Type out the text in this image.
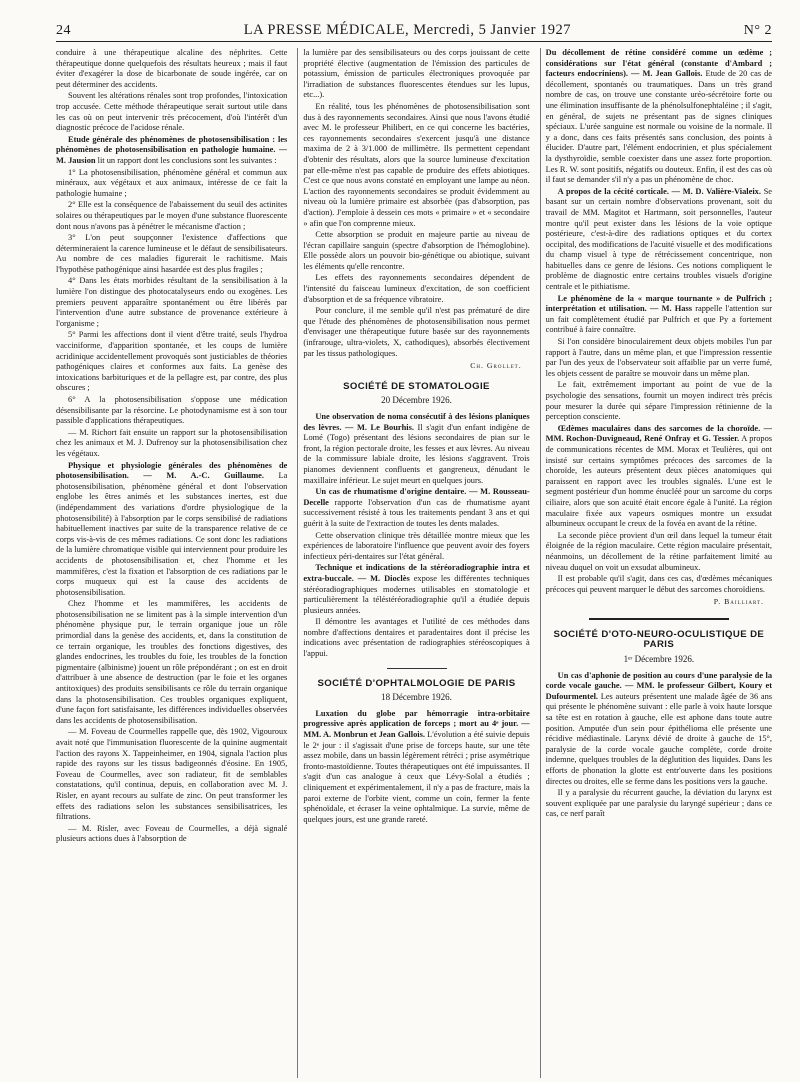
24	LA PRESSE MÉDICALE, Mercredi, 5 Janvier 1927	N° 2

conduire à une thérapeutique alcaline des néphrites. Cette thérapeutique donne quelquefois des résultats heureux ; mais il faut éviter d'exagérer la dose de bicarbonate de soude ingérée, car on peut déterminer des accidents.

Souvent les altérations rénales sont trop profondes, l'intoxication trop accusée. Cette méthode thérapeutique serait surtout utile dans les cas où on peut intervenir très précocement, d'où l'intérêt d'un diagnostic précoce de l'acidose rénale.

Etude générale des phénomènes de photosensibilisation : les phénomènes de photosensibilisation en pathologie humaine. — M. Jausion lit un rapport dont les conclusions sont les suivantes :

1° La photosensibilisation, phénomène général et commun aux minéraux, aux végétaux et aux animaux, intéresse de ce fait la pathologie humaine ;

2° Elle est la conséquence de l'abaissement du seuil des actinites solaires ou thérapeutiques par le moyen d'une substance fluorescente dont nous n'avons pas à pénétrer le mécanisme d'action ;

3° L'on peut soupçonner l'existence d'affections que détermineraient la carence lumineuse et le défaut de sensibilisateurs. Au nombre de ces maladies figurerait le rachitisme. Mais l'hypothèse pathogénique ainsi hasardée est des plus fragiles ;

4° Dans les états morbides résultant de la sensibilisation à la lumière l'on distingue des photocatalyseurs endo ou exogènes. Les premiers peuvent apparaître spontanément ou être libérés par l'intervention d'une autre substance de provenance extérieure à l'organisme ;

5° Parmi les affections dont il vient d'être traité, seuls l'hydroa vacciniforme, d'apparition spontanée, et les coups de lumière acridinique accidentellement provoqués sont justiciables de théories pathogéniques claires et conformes aux faits. La genèse des intoxications barbituriques et de la pellagre est, par contre, des plus obscures ;

6° A la photosensibilisation s'oppose une médication désensibilisante par la résorcine. Le photodynamisme est à son tour passible d'applications thérapeutiques.

— M. Richort fait ensuite un rapport sur la photosensibilisation chez les animaux et M. J. Dufrenoy sur la photosensibilisation chez les végétaux.

Physique et physiologie générales des phénomènes de photosensibilisation. — M. A.-C. Guillaume. La photosensibilisation, phénomène général et dont l'observation englobe les êtres animés et les substances inertes, est due (indépendamment des variations d'ordre physiologique de la photosensibilité) à l'absorption par le corps sensibilisé de radiations habituellement inactives par suite de la transparence relative de ce corps vis-à-vis de ces mêmes radiations. Ce sont donc les radiations de la lumière chromatique visible qui interviennent pour produire les accidents de photosensibilisation et, chez l'homme et les mammifères, c'est la fixation et l'absorption de ces radiations par le corps muqueux qui est la cause des accidents de photosensibilisation.

Chez l'homme et les mammifères, les accidents de photosensibilisation ne se limitent pas à la simple intervention d'un phénomène physique pur, le terrain organique joue un rôle primordial dans la genèse des accidents, et, dans la constitution de ce terrain organique, les troubles des fonctions digestives, des glandes endocrines, les troubles du foie, les troubles de la fonction pigmentaire (albinisme) jouent un rôle prépondérant ; on est en droit d'attribuer à une absence de destruction (par le foie et les organes antitoxiques) des produits sensibilisants ce rôle du terrain organique dans la photosensibilisation. Ces troubles organiques expliquent, d'une façon fort satisfaisante, les différences individuelles observées dans les accidents de photosensibilisation.

— M. Foveau de Courmelles rappelle que, dès 1902, Vigouroux avait noté que l'immunisation fluorescente de la quinine augmentait l'action des rayons X. Tappeinheimer, en 1904, signala l'action plus rapide des rayons sur les tissus badigeonnés d'éosine. En 1905, Foveau de Courmelles, avec son radiateur, fit de semblables constatations, qu'il continua, depuis, en collaboration avec M. J. Risler, en ayant recours au sulfate de zinc. On peut transformer les effets des radiations selon les substances sensibilisatrices, les filtrations.

— M. Risler, avec Foveau de Courmelles, a déjà signalé plusieurs actions dues à l'absorption de

la lumière par des sensibilisateurs ou des corps jouissant de cette propriété élective (augmentation de l'émission des particules de potassium, émission de particules électroniques provoquée par l'irradiation de substances fluorescentes étendues sur les lupus, etc...).

En réalité, tous les phénomènes de photosensibilisation sont dus à des rayonnements secondaires. Ainsi que nous l'avons étudié avec M. le professeur Philibert, en ce qui concerne les bactéries, ces rayonnements secondaires s'exercent jusqu'à une distance maxima de 2 à 3/1.000 de millimètre. Ils permettent cependant d'obtenir des résultats, alors que la source lumineuse d'excitation par elle-même n'est pas capable de produire des effets abiotiques. C'est ce que nous avons constaté en employant une lampe au néon. L'action des rayonnements secondaires se produit évidemment au niveau où la lumière primaire est absorbée (pas d'absorption, pas d'action). J'emploie à dessein ces mots « primaire » et « secondaire » afin que l'on comprenne mieux.

Cette absorption se produit en majeure partie au niveau de l'écran capillaire sanguin (spectre d'absorption de l'hémoglobine). Elle possède alors un pouvoir bio-génétique ou abiotique, suivant les éléments qu'elle rencontre.

Les effets des rayonnements secondaires dépendent de l'intensité du faisceau lumineux d'excitation, de son coefficient d'absorption et de sa fréquence vibratoire.

Pour conclure, il me semble qu'il n'est pas prématuré de dire que l'étude des phénomènes de photosensibilisation nous permet d'envisager une thérapeutique future basée sur des rayonnements (infrarouge, ultra-violets, X, cathodiques), absorbés électivement par les tissus pathologiques.

Ch. Grollet.
SOCIÉTÉ DE STOMATOLOGIE
20 Décembre 1926.

Une observation de noma consécutif à des lésions planiques des lèvres. — M. Le Bourhis. Il s'agit d'un enfant indigène de Lomé (Togo) présentant des lésions secondaires de pian sur le front, la région pectorale droite, les fesses et aux lèvres. Au niveau de la commissure labiale droite, les lésions s'aggravent. Trois pianomes deviennent confluents et gangreneux, dénudant le maxillaire inférieur. Le sujet meurt en quelques jours.

Un cas de rhumatisme d'origine dentaire. — M. Rousseau-Decelle rapporte l'observation d'un cas de rhumatisme ayant successivement résisté à tous les traitements pendant 3 ans et qui guérit à la suite de l'extraction de toutes les dents malades.

Cette observation clinique très détaillée montre mieux que les expériences de laboratoire l'influence que peuvent avoir des foyers infectieux péri-dentaires sur l'état général.

Technique et indications de la stéréoradiographie intra et extra-buccale. — M. Dioclès expose les différentes techniques stéréoradiographiques modernes utilisables en stomatologie et particulièrement la téléstéréoradiographie qu'il a étudiée depuis plusieurs années.

Il démontre les avantages et l'utilité de ces méthodes dans nombre d'affections dentaires et paradentaires dont il précise les indications avec présentation de radiographies stéréoscopiques à l'appui.

SOCIÉTÉ D'OPHTALMOLOGIE DE PARIS
18 Décembre 1926.

Luxation du globe par hémorragie intra-orbitaire progressive après application de forceps ; mort au 4ᵉ jour. — MM. A. Monbrun et Jean Gallois. L'évolution a été suivie depuis le 2ᵉ jour : il s'agissait d'une prise de forceps haute, sur une tête assez mobile, dans un bassin légèrement rétréci ; prise asymétrique fronto-mastoïdienne. Toutes thérapeutiques ont été impuissantes. Il s'agit d'un cas analogue à ceux que Lévy-Solal a étudiés ; cliniquement et expérimentalement, il n'y a pas de fracture, mais la paroi externe de l'orbite vient, comme un coin, fermer la fente sphénoïdale, et écraser la veine ophtalmique. La survie, même de quelques jours, est une grande rareté.

Du décollement de rétine considéré comme un œdème ; considérations sur l'état général (constante d'Ambard ; facteurs endocriniens). — M. Jean Gallois. Etude de 20 cas de décollement, spontanés ou traumatiques. Dans un très grand nombre de cas, on trouve une constante uréo-sécrétoire forte ou une élimination insuffisante de la phénolsulfonephtaléine ; il s'agit, en général, de sujets ne présentant pas de signes cliniques spéciaux. L'urée sanguine est normale ou voisine de la normale. Il y a donc, dans ces faits présentés sans conclusion, des points à élucider. D'autre part, l'élément endocrinien, et plus spécialement la dysthyroïdie, semble coexister dans une assez forte proportion. Les R. W. sont positifs, négatifs ou douteux. Enfin, il est des cas où il faut se demander s'il n'y a pas un phénomène de choc.

A propos de la cécité corticale. — M. D. Valière-Vialeix. Se basant sur un certain nombre d'observations provenant, soit du travail de MM. Magitot et Hartmann, soit personnelles, l'auteur montre qu'il peut exister dans les lésions de la voie optique postérieure, c'est-à-dire des radiations optiques et du cortex occipital, des modifications de l'acuité visuelle et des modifications du champ visuel à type de rétrécissement concentrique, non habituelles dans ce genre de lésions. Ces notions compliquent le problème de diagnostic entre certains troubles visuels d'origine centrale et le pithiatisme.

Le phénomène de la « marque tournante » de Pulfrich ; interprétation et utilisation. — M. Hass rappelle l'attention sur un fait complètement étudié par Pulfrich et que Py a fortement contribué à faire connaître.

Si l'on considère binoculairement deux objets mobiles l'un par rapport à l'autre, dans un même plan, et que l'impression ressentie par l'un des yeux de l'observateur soit affaiblie par un verre fumé, les objets cessent de paraître se mouvoir dans un même plan.

Le fait, extrêmement important au point de vue de la psychologie des sensations, fournit un moyen indirect très précis pour mesurer la durée qui sépare l'impression rétinienne de la perception consciente.

Œdèmes maculaires dans des sarcomes de la choroïde. — MM. Rochon-Duvigneaud, René Onfray et G. Tessier. A propos de communications récentes de MM. Morax et Teulières, qui ont insisté sur certains symptômes précoces des sarcomes de la choroïde, les auteurs présentent deux pièces anatomiques qui paraissent en rapport avec les troubles signalés. L'une est le segment postérieur d'un homme énucléé pour un sarcome du corps ciliaire, alors que son acuité était encore égale à l'unité. La région maculaire fixée aux vapeurs osmiques montre un exsudat albumineux occupant le creux de la fovéa en avant de la rétine.

La seconde pièce provient d'un œil dans lequel la tumeur était éloignée de la région maculaire. Cette région maculaire présentait, néanmoins, un décollement de la rétine parfaitement limité au niveau duquel on voit un exsudat albumineux.

Il est probable qu'il s'agit, dans ces cas, d'œdèmes mécaniques précoces qui peuvent marquer le début des sarcomes choroïdiens.

P. Bailliart.
SOCIÉTÉ D'OTO-NEURO-OCULISTIQUE DE PARIS
1ᵉʳ Décembre 1926.

Un cas d'aphonie de position au cours d'une paralysie de la corde vocale gauche. — MM. le professeur Gilbert, Koury et Dufourmentel. Les auteurs présentent une malade âgée de 36 ans qui présente le phénomène suivant : elle parle à voix haute lorsque sa tête est en rotation à gauche, elle est aphone dans toute autre position. Amputée d'un sein pour épithélioma elle présente une récidive médiastinale. Larynx dévié de droite à gauche de 15°, paralysie de la corde vocale gauche complète, corde droite indemne, quelques troubles de la déglutition des liquides. Dans les efforts de phonation la glotte est entr'ouverte dans les positions directes ou droites, elle se ferme dans les positions vers la gauche.

Il y a paralysie du récurrent gauche, la déviation du larynx est souvent expliquée par une paralysie du laryngé supérieur ; dans ce cas, ce nerf paraît
